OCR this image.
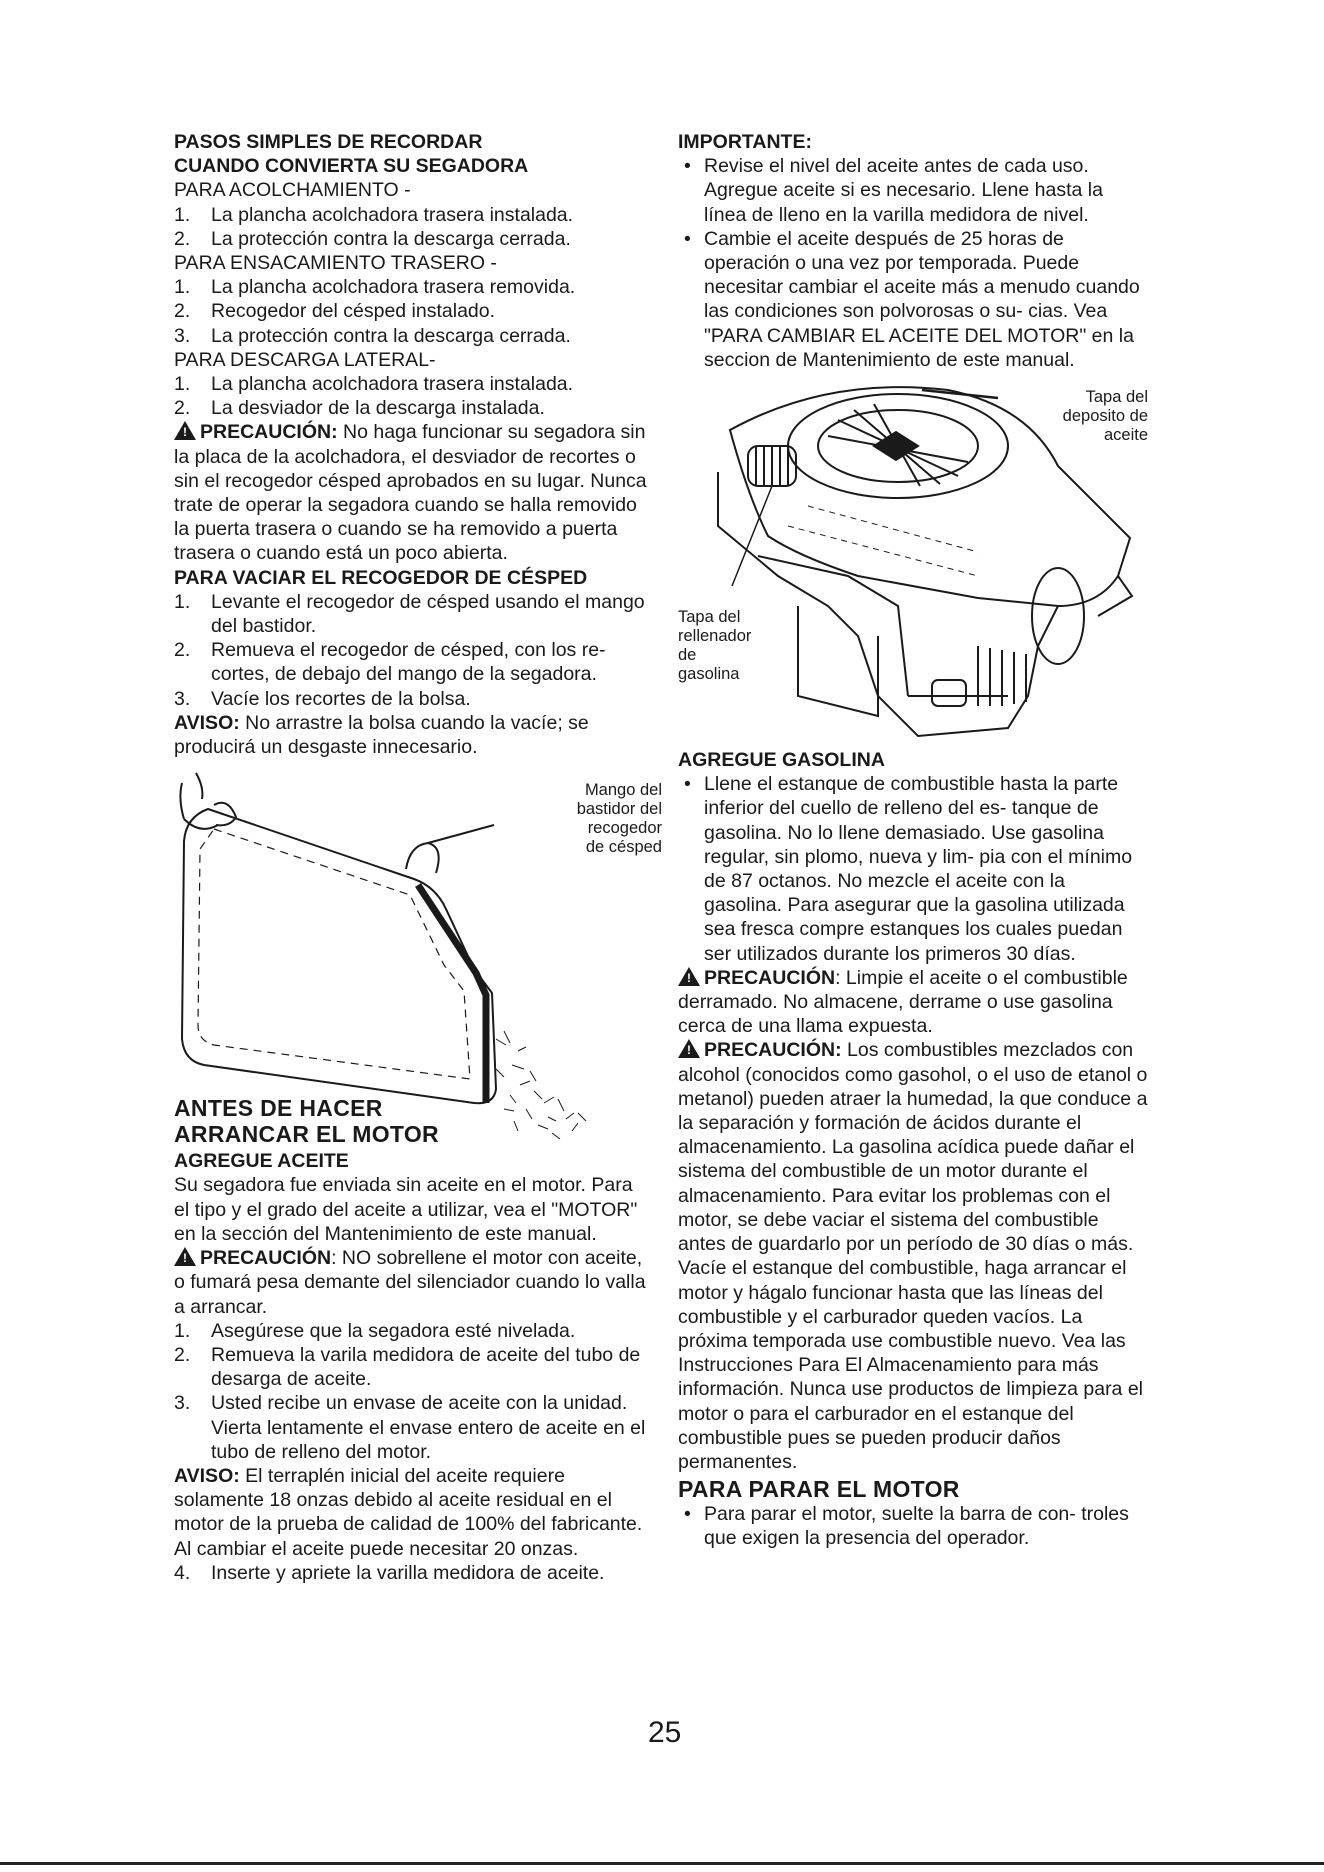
PASOS SIMPLES DE RECORDAR
CUANDO CONVIERTA SU SEGADORA
PARA ACOLCHAMIENTO -
1. La plancha acolchadora trasera instalada.
2. La protección contra la descarga cerrada.
PARA ENSACAMIENTO TRASERO -
1. La plancha acolchadora trasera removida.
2. Recogedor del césped instalado.
3. La protección contra la descarga cerrada.
PARA DESCARGA LATERAL-
1. La plancha acolchadora trasera instalada.
2. La desviador de la descarga instalada.

!PRECAUCIÓN: No haga funcionar su segadora sin la placa de la acolchadora, el desviador de recortes o sin el recogedor césped aprobados en su lugar. Nunca trate de operar la segadora cuando se halla removido la puerta trasera o cuando se ha removido a puerta trasera o cuando está un poco abierta.

PARA VACIAR EL RECOGEDOR DE CÉSPED
1. Levante el recogedor de césped usando el mango del bastidor.
2. Remueva el recogedor de césped, con los re- cortes, de debajo del mango de la segadora.
3. Vacíe los recortes de la bolsa.

AVISO: No arrastre la bolsa cuando la vacíe; se producirá un desgaste innecesario.

Mango del
bastidor del
recogedor
de césped
ANTES DE HACER
ARRANCAR EL MOTOR
AGREGUE ACEITE

Su segadora fue enviada sin aceite en el motor. Para el tipo y el grado del aceite a utilizar, vea el "MOTOR" en la sección del Mantenimiento de este manual.

!PRECAUCIÓN: NO sobrellene el motor con aceite, o fumará pesa demante del silenciador cuando lo valla a arrancar.

1. Asegúrese que la segadora esté nivelada.
2. Remueva la varila medidora de aceite del tubo de desarga de aceite.
3. Usted recibe un envase de aceite con la unidad. Vierta lentamente el envase entero de aceite en el tubo de relleno del motor.

AVISO: El terraplén inicial del aceite requiere solamente 18 onzas debido al aceite residual en el motor de la prueba de calidad de 100% del fabricante. Al cambiar el aceite puede necesitar 20 onzas.

4. Inserte y apriete la varilla medidora de aceite.
IMPORTANTE:
• Revise el nivel del aceite antes de cada uso. Agregue aceite si es necesario. Llene hasta la línea de lleno en la varilla medidora de nivel.
• Cambie el aceite después de 25 horas de operación o una vez por temporada. Puede necesitar cambiar el aceite más a menudo cuando las condiciones son polvorosas o su- cias. Vea "PARA CAMBIAR EL ACEITE DEL MOTOR" en la seccion de Mantenimiento de este manual.
Tapa del
deposito de
aceite
Tapa del
rellenador
de
gasolina
AGREGUE GASOLINA
• Llene el estanque de combustible hasta la parte inferior del cuello de relleno del es- tanque de gasolina. No lo llene demasiado. Use gasolina regular, sin plomo, nueva y lim- pia con el mínimo de 87 octanos. No mezcle el aceite con la gasolina. Para asegurar que la gasolina utilizada sea fresca compre estanques los cuales puedan ser utilizados durante los primeros 30 días.

!PRECAUCIÓN: Limpie el aceite o el combustible derramado. No almacene, derrame o use gasolina cerca de una llama expuesta.

!PRECAUCIÓN: Los combustibles mezclados con alcohol (conocidos como gasohol, o el uso de etanol o metanol) pueden atraer la humedad, la que conduce a la separación y formación de ácidos durante el almacenamiento. La gasolina acídica puede dañar el sistema del combustible de un motor durante el almacenamiento. Para evitar los problemas con el motor, se debe vaciar el sistema del combustible antes de guardarlo por un período de 30 días o más. Vacíe el estanque del combustible, haga arrancar el motor y hágalo funcionar hasta que las líneas del combustible y el carburador queden vacíos. La próxima temporada use combustible nuevo. Vea las Instrucciones Para El Almacenamiento para más información. Nunca use productos de limpieza para el motor o para el carburador en el estanque del combustible pues se pueden producir daños permanentes.

PARA PARAR EL MOTOR
• Para parar el motor, suelte la barra de con- troles que exigen la presencia del operador.
25
